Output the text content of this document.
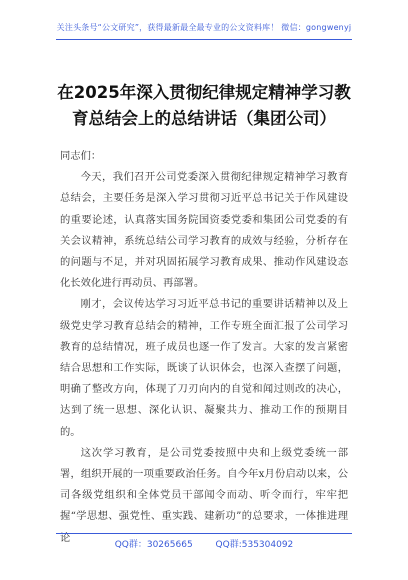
关注头条号“公文研究”，获得最新最全最专业的公文资料库！ 微信：gongwenyj
在2025年深入贯彻纪律规定精神学习教
育总结会上的总结讲话（集团公司）

同志们：

今天，我们召开公司党委深入贯彻纪律规定精神学习教育总结会，主要任务是深入学习贯彻习近平总书记关于作风建设的重要论述，认真落实国务院国资委党委和集团公司党委的有关会议精神，系统总结公司学习教育的成效与经验，分析存在的问题与不足，并对巩固拓展学习教育成果、推动作风建设态化长效化进行再动员、再部署。

刚才，会议传达学习习近平总书记的重要讲话精神以及上级党史学习教育总结会的精神，工作专班全面汇报了公司学习教育的总结情况，班子成员也逐一作了发言。大家的发言紧密结合思想和工作实际，既谈了认识体会，也深入查摆了问题，明确了整改方向，体现了刀刃向内的自觉和闻过则改的决心，达到了统一思想、深化认识、凝聚共力、推动工作的预期目的。

这次学习教育，是公司党委按照中央和上级党委统一部署，组织开展的一项重要政治任务。自今年x月份启动以来，公司各级党组织和全体党员干部闻令而动、听令而行，牢牢把握“学思想、强党性、重实践、建新功”的总要求，一体推进理论

QQ群：30265665	QQ群:535304092
